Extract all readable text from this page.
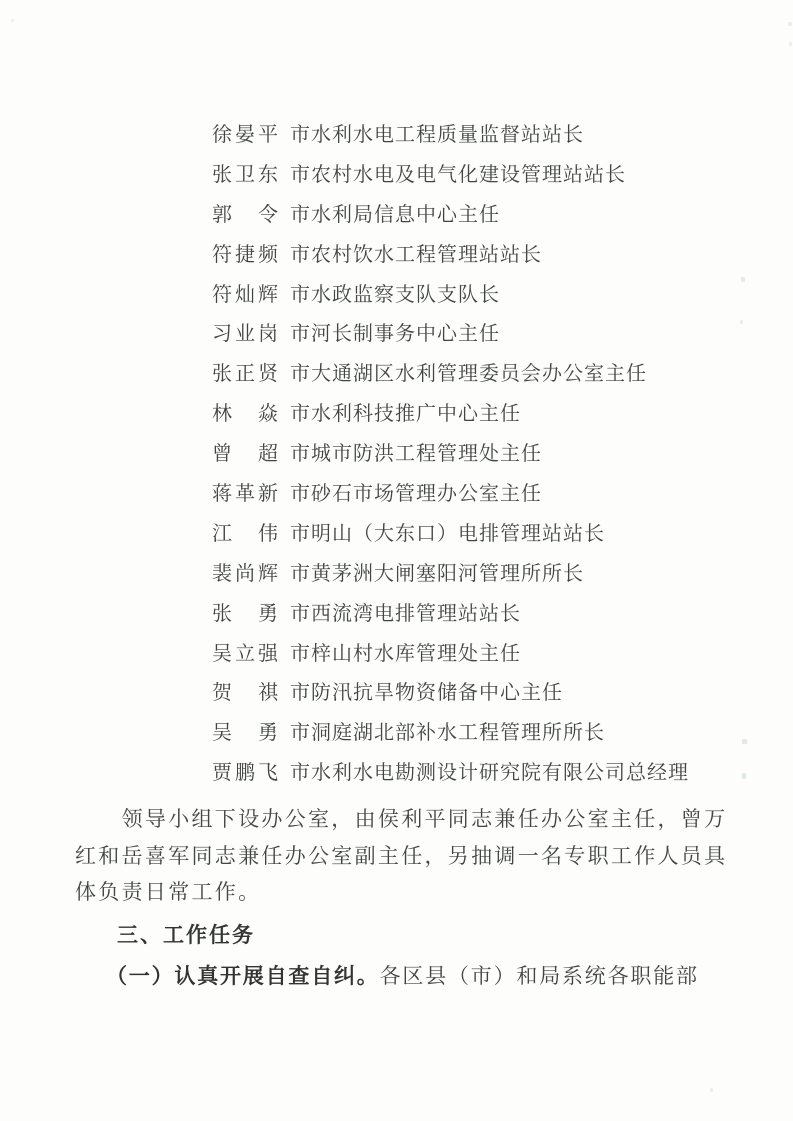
徐晏平 市水利水电工程质量监督站站长
张卫东 市农村水电及电气化建设管理站站长
郭　令 市水利局信息中心主任
符捷频 市农村饮水工程管理站站长
符灿辉 市水政监察支队支队长
习业岗 市河长制事务中心主任
张正贤 市大通湖区水利管理委员会办公室主任
林　焱 市水利科技推广中心主任
曾　超 市城市防洪工程管理处主任
蒋革新 市砂石市场管理办公室主任
江　伟 市明山（大东口）电排管理站站长
裴尚辉 市黄茅洲大闸塞阳河管理所所长
张　勇 市西流湾电排管理站站长
吴立强 市梓山村水库管理处主任
贺　祺 市防汛抗旱物资储备中心主任
吴　勇 市洞庭湖北部补水工程管理所所长
贾鹏飞 市水利水电勘测设计研究院有限公司总经理
领导小组下设办公室，由侯利平同志兼任办公室主任，曾万
红和岳喜军同志兼任办公室副主任，另抽调一名专职工作人员具
体负责日常工作。
三、工作任务
（一）认真开展自查自纠。各区县（市）和局系统各职能部
